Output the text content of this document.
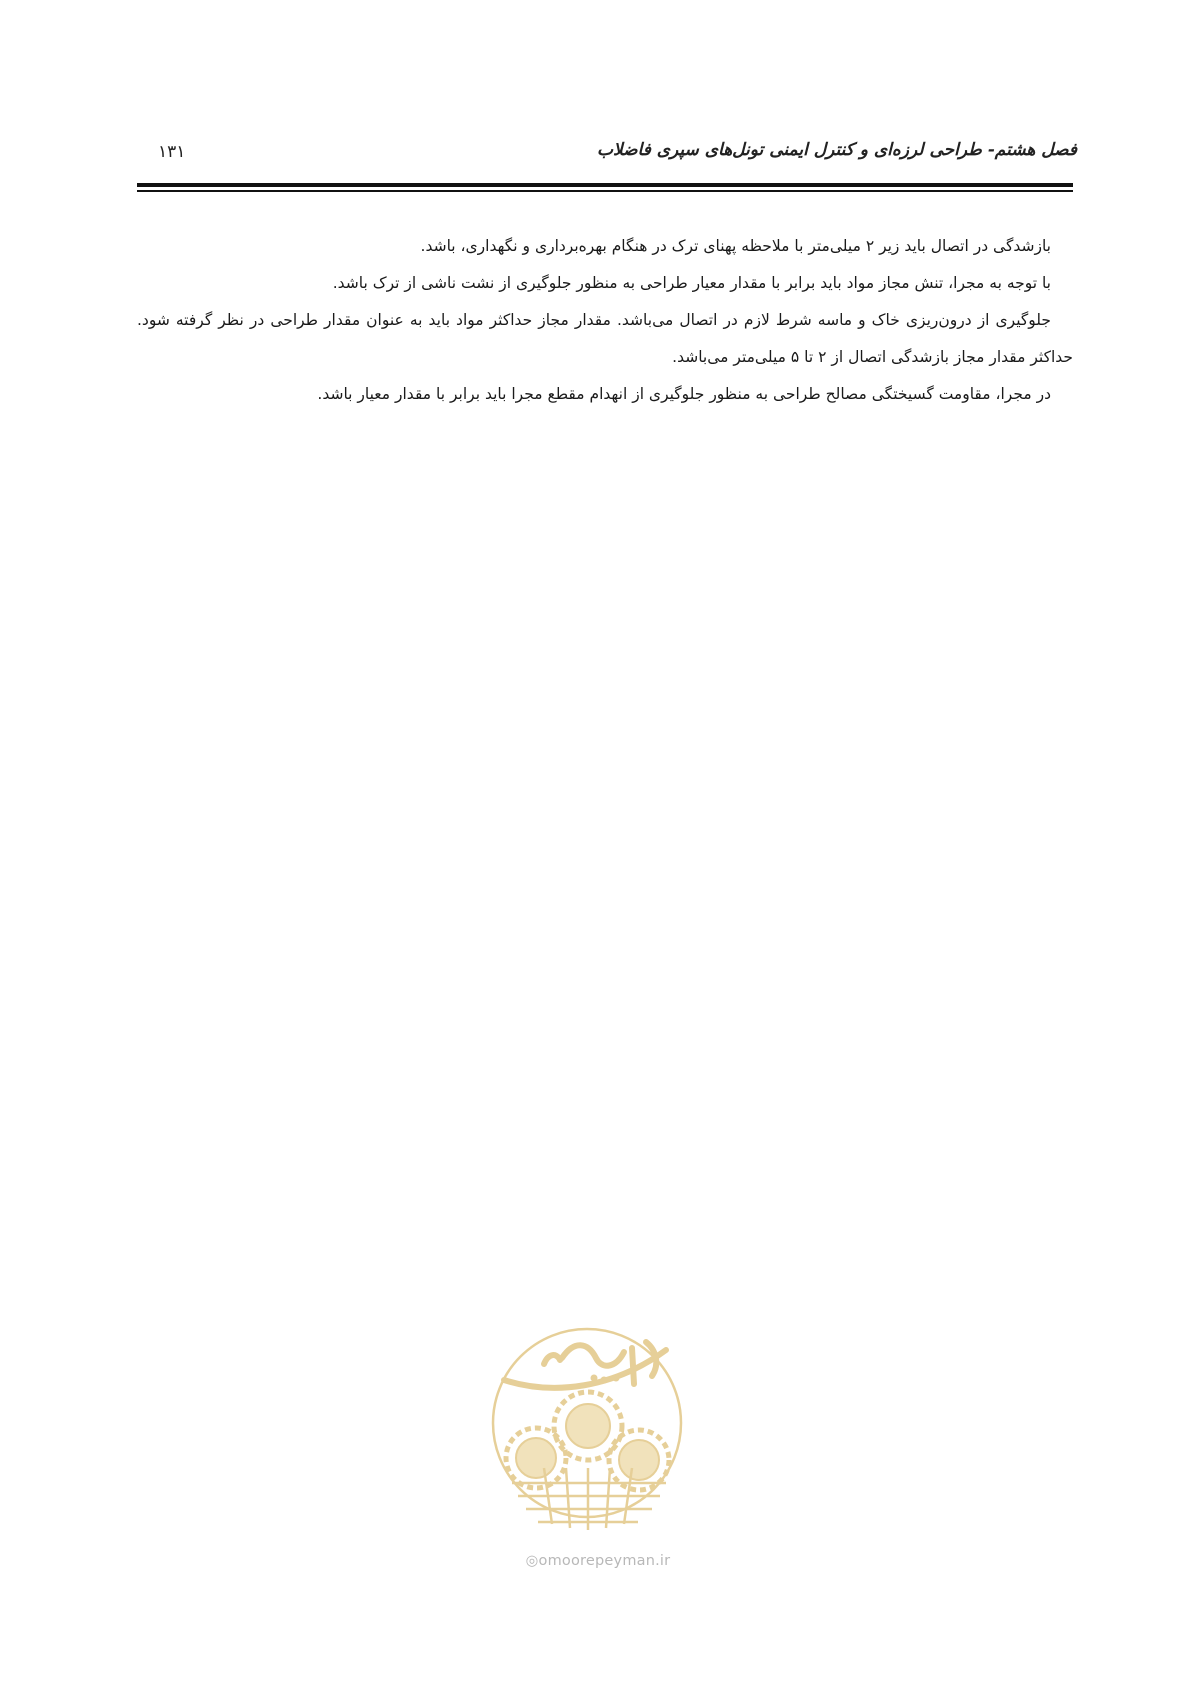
فصل هشتم- طراحی لرزه‌ای و کنترل ایمنی تونل‌های سپری فاضلاب
۱۳۱

بازشدگی در اتصال باید زیر ۲ میلی‌متر با ملاحظه پهنای ترک در هنگام بهره‌برداری و نگهداری، باشد.

با توجه به مجرا، تنش مجاز مواد باید برابر با مقدار معیار طراحی به منظور جلوگیری از نشت ناشی از ترک باشد.

جلوگیری از درون‌ریزی خاک و ماسه شرط لازم در اتصال می‌باشد. مقدار مجاز حداکثر مواد باید به عنوان مقدار طراحی در نظر گرفته شود. حداکثر مقدار مجاز بازشدگی اتصال از ۲ تا ۵ میلی‌متر می‌باشد.

در مجرا، مقاومت گسیختگی مصالح طراحی به منظور جلوگیری از انهدام مقطع مجرا باید برابر با مقدار معیار باشد.

◎omoorepeyman.ir
